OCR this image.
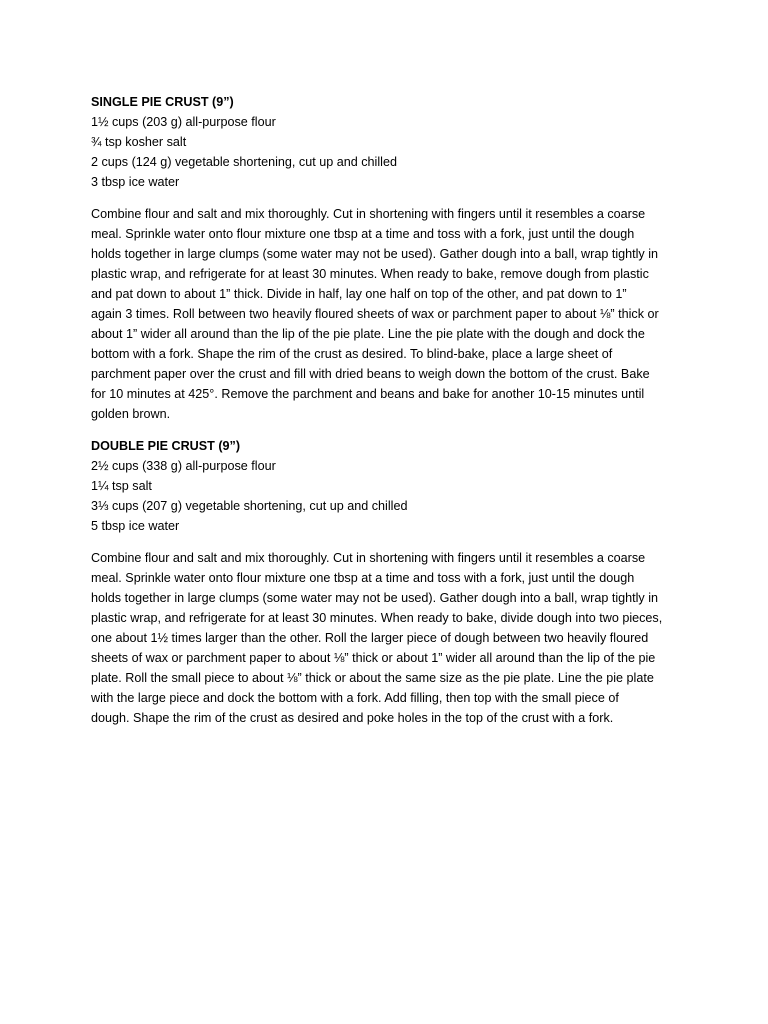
SINGLE PIE CRUST (9”)
1½ cups (203 g) all-purpose flour
¾ tsp kosher salt
2 cups (124 g) vegetable shortening, cut up and chilled
3 tbsp ice water
Combine flour and salt and mix thoroughly. Cut in shortening with fingers until it resembles a coarse
meal. Sprinkle water onto flour mixture one tbsp at a time and toss with a fork, just until the dough
holds together in large clumps (some water may not be used). Gather dough into a ball, wrap tightly in
plastic wrap, and refrigerate for at least 30 minutes. When ready to bake, remove dough from plastic
and pat down to about 1” thick. Divide in half, lay one half on top of the other, and pat down to 1”
again 3 times. Roll between two heavily floured sheets of wax or parchment paper to about ⅛” thick or
about 1” wider all around than the lip of the pie plate. Line the pie plate with the dough and dock the
bottom with a fork. Shape the rim of the crust as desired. To blind-bake, place a large sheet of
parchment paper over the crust and fill with dried beans to weigh down the bottom of the crust. Bake
for 10 minutes at 425°. Remove the parchment and beans and bake for another 10-15 minutes until
golden brown.
DOUBLE PIE CRUST (9”)
2½ cups (338 g) all-purpose flour
1¼ tsp salt
3⅓ cups (207 g) vegetable shortening, cut up and chilled
5 tbsp ice water
Combine flour and salt and mix thoroughly. Cut in shortening with fingers until it resembles a coarse
meal. Sprinkle water onto flour mixture one tbsp at a time and toss with a fork, just until the dough
holds together in large clumps (some water may not be used). Gather dough into a ball, wrap tightly in
plastic wrap, and refrigerate for at least 30 minutes. When ready to bake, divide dough into two pieces,
one about 1½ times larger than the other. Roll the larger piece of dough between two heavily floured
sheets of wax or parchment paper to about ⅛” thick or about 1” wider all around than the lip of the pie
plate. Roll the small piece to about ⅛” thick or about the same size as the pie plate. Line the pie plate
with the large piece and dock the bottom with a fork. Add filling, then top with the small piece of
dough. Shape the rim of the crust as desired and poke holes in the top of the crust with a fork.
